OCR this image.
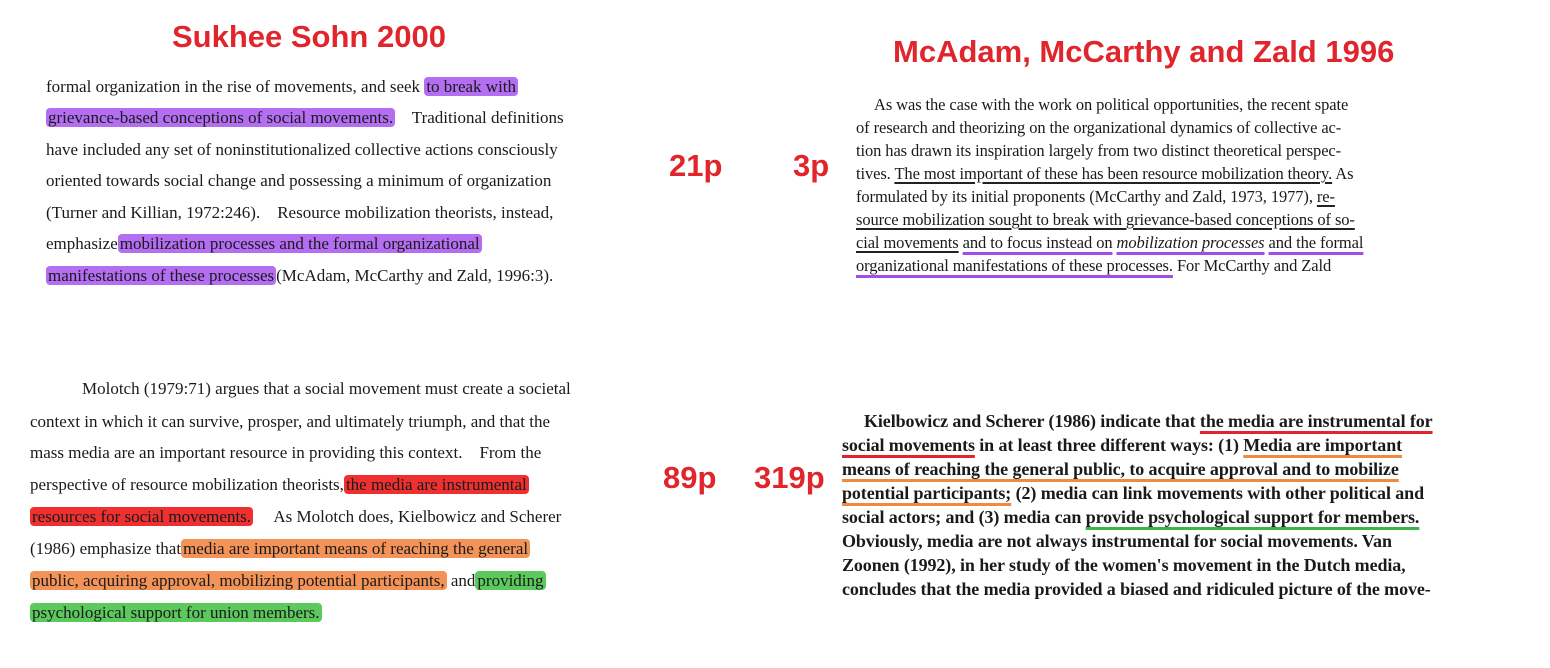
Sukhee Sohn 2000	McAdam, McCarthy and Zald 1996
21p 3p
89p 319p
formal organization in the rise of movements, and seek to break with
grievance-based conceptions of social movements. Traditional definitions
have included any set of noninstitutionalized collective actions consciously
oriented towards social change and possessing a minimum of organization
(Turner and Killian, 1972:246).    Resource mobilization theorists, instead,
emphasize mobilization processes and the formal organizational
manifestations of these processes (McAdam, McCarthy and Zald, 1996:3).
As was the case with the work on political opportunities, the recent spate
of research and theorizing on the organizational dynamics of collective ac-
tion has drawn its inspiration largely from two distinct theoretical perspec-
tives. The most important of these has been resource mobilization theory. As
formulated by its initial proponents (McCarthy and Zald, 1973, 1977), re-
source mobilization sought to break with grievance-based conceptions of so-
cial movements and to focus instead on mobilization processes and the formal
organizational manifestations of these processes. For McCarthy and Zald
Molotch (1979:71) argues that a social movement must create a societal
context in which it can survive, prosper, and ultimately triumph, and that the
mass media are an important resource in providing this context.    From the
perspective of resource mobilization theorists, the media are instrumental
resources for social movements. As Molotch does, Kielbowicz and Scherer
(1986) emphasize that media are important means of reaching the general
public, acquiring approval, mobilizing potential participants, and providing
psychological support for union members.
Kielbowicz and Scherer (1986) indicate that the media are instrumental for
social movements in at least three different ways: (1) Media are important
means of reaching the general public, to acquire approval and to mobilize
potential participants; (2) media can link movements with other political and
social actors; and (3) media can provide psychological support for members.
Obviously, media are not always instrumental for social movements. Van
Zoonen (1992), in her study of the women's movement in the Dutch media,
concludes that the media provided a biased and ridiculed picture of the move-
